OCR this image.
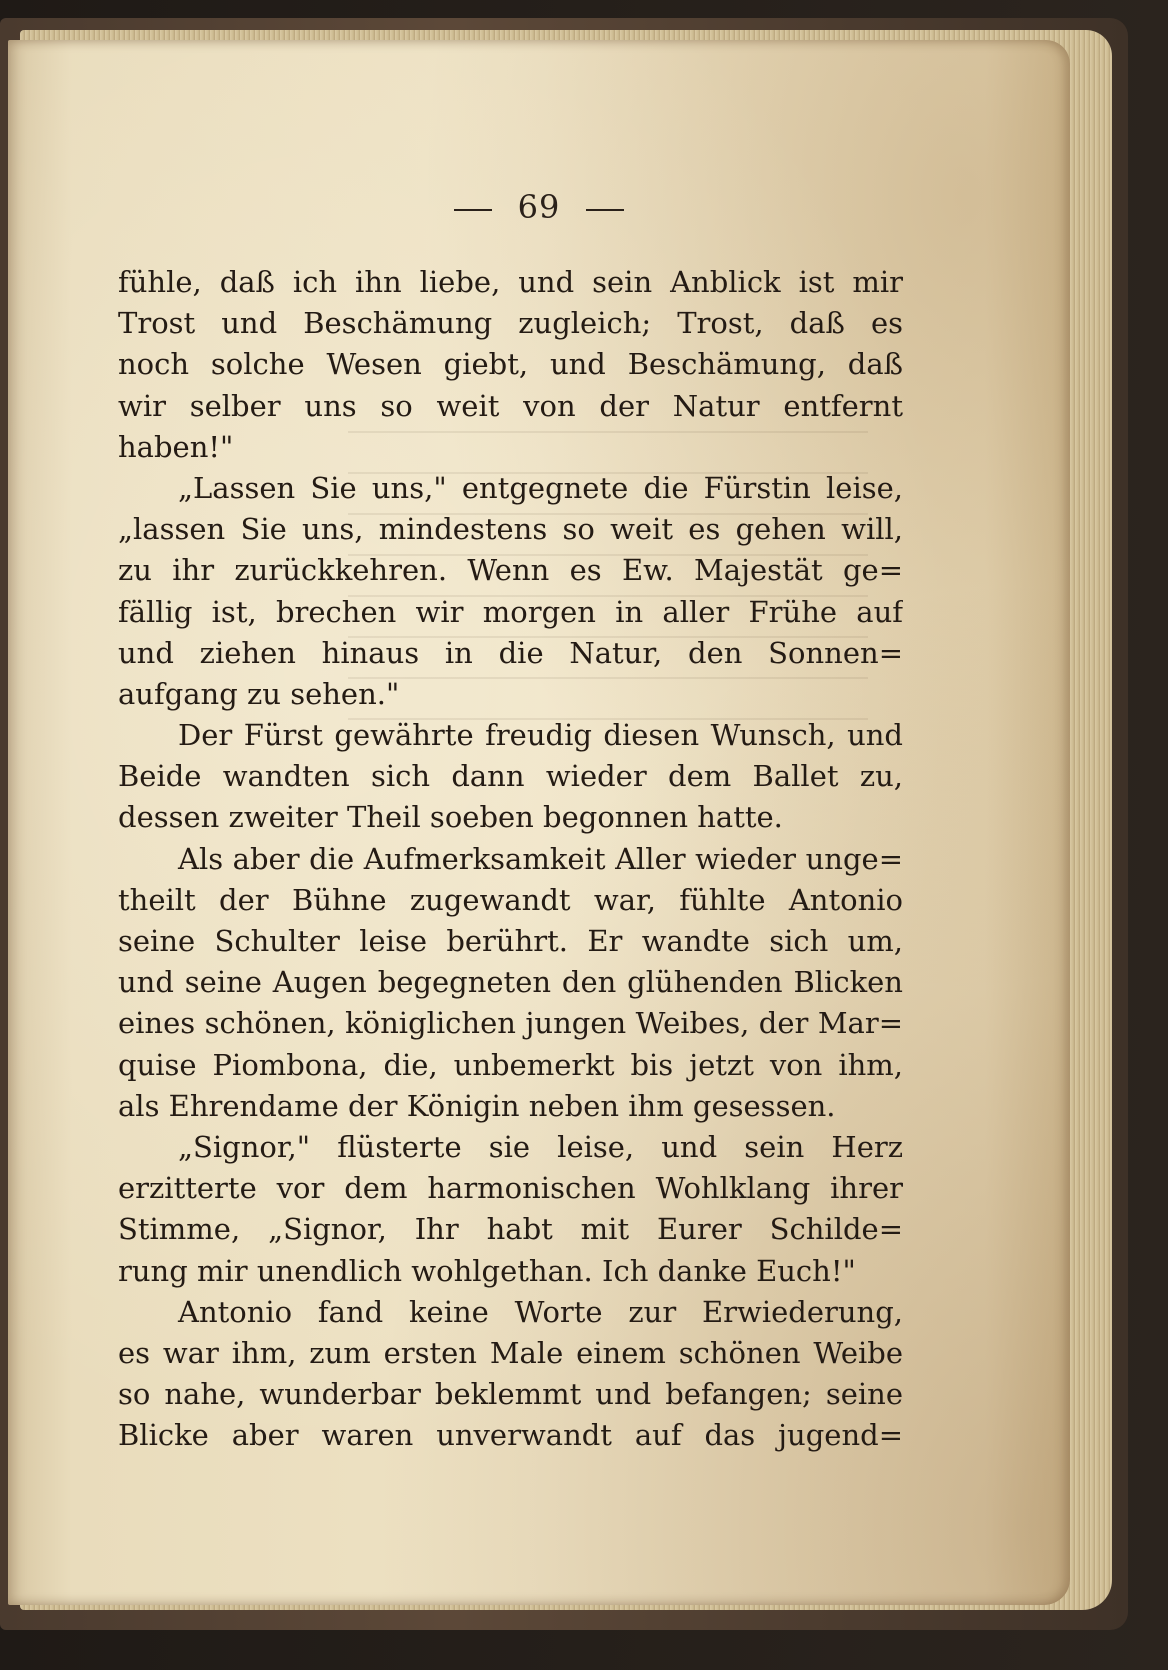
69
fühle, daß ich ihn liebe, und sein Anblick ist mir
Trost und Beschämung zugleich; Trost, daß es
noch solche Wesen giebt, und Beschämung, daß
wir selber uns so weit von der Natur entfernt
haben!"
„Lassen Sie uns," entgegnete die Fürstin leise,
„lassen Sie uns, mindestens so weit es gehen will,
zu ihr zurückkehren. Wenn es Ew. Majestät ge=
fällig ist, brechen wir morgen in aller Frühe auf
und ziehen hinaus in die Natur, den Sonnen=
aufgang zu sehen."
Der Fürst gewährte freudig diesen Wunsch, und
Beide wandten sich dann wieder dem Ballet zu,
dessen zweiter Theil soeben begonnen hatte.
Als aber die Aufmerksamkeit Aller wieder unge=
theilt der Bühne zugewandt war, fühlte Antonio
seine Schulter leise berührt. Er wandte sich um,
und seine Augen begegneten den glühenden Blicken
eines schönen, königlichen jungen Weibes, der Mar=
quise Piombona, die, unbemerkt bis jetzt von ihm,
als Ehrendame der Königin neben ihm gesessen.
„Signor," flüsterte sie leise, und sein Herz
erzitterte vor dem harmonischen Wohlklang ihrer
Stimme, „Signor, Ihr habt mit Eurer Schilde=
rung mir unendlich wohlgethan. Ich danke Euch!"
Antonio fand keine Worte zur Erwiederung,
es war ihm, zum ersten Male einem schönen Weibe
so nahe, wunderbar beklemmt und befangen; seine
Blicke aber waren unverwandt auf das jugend=
